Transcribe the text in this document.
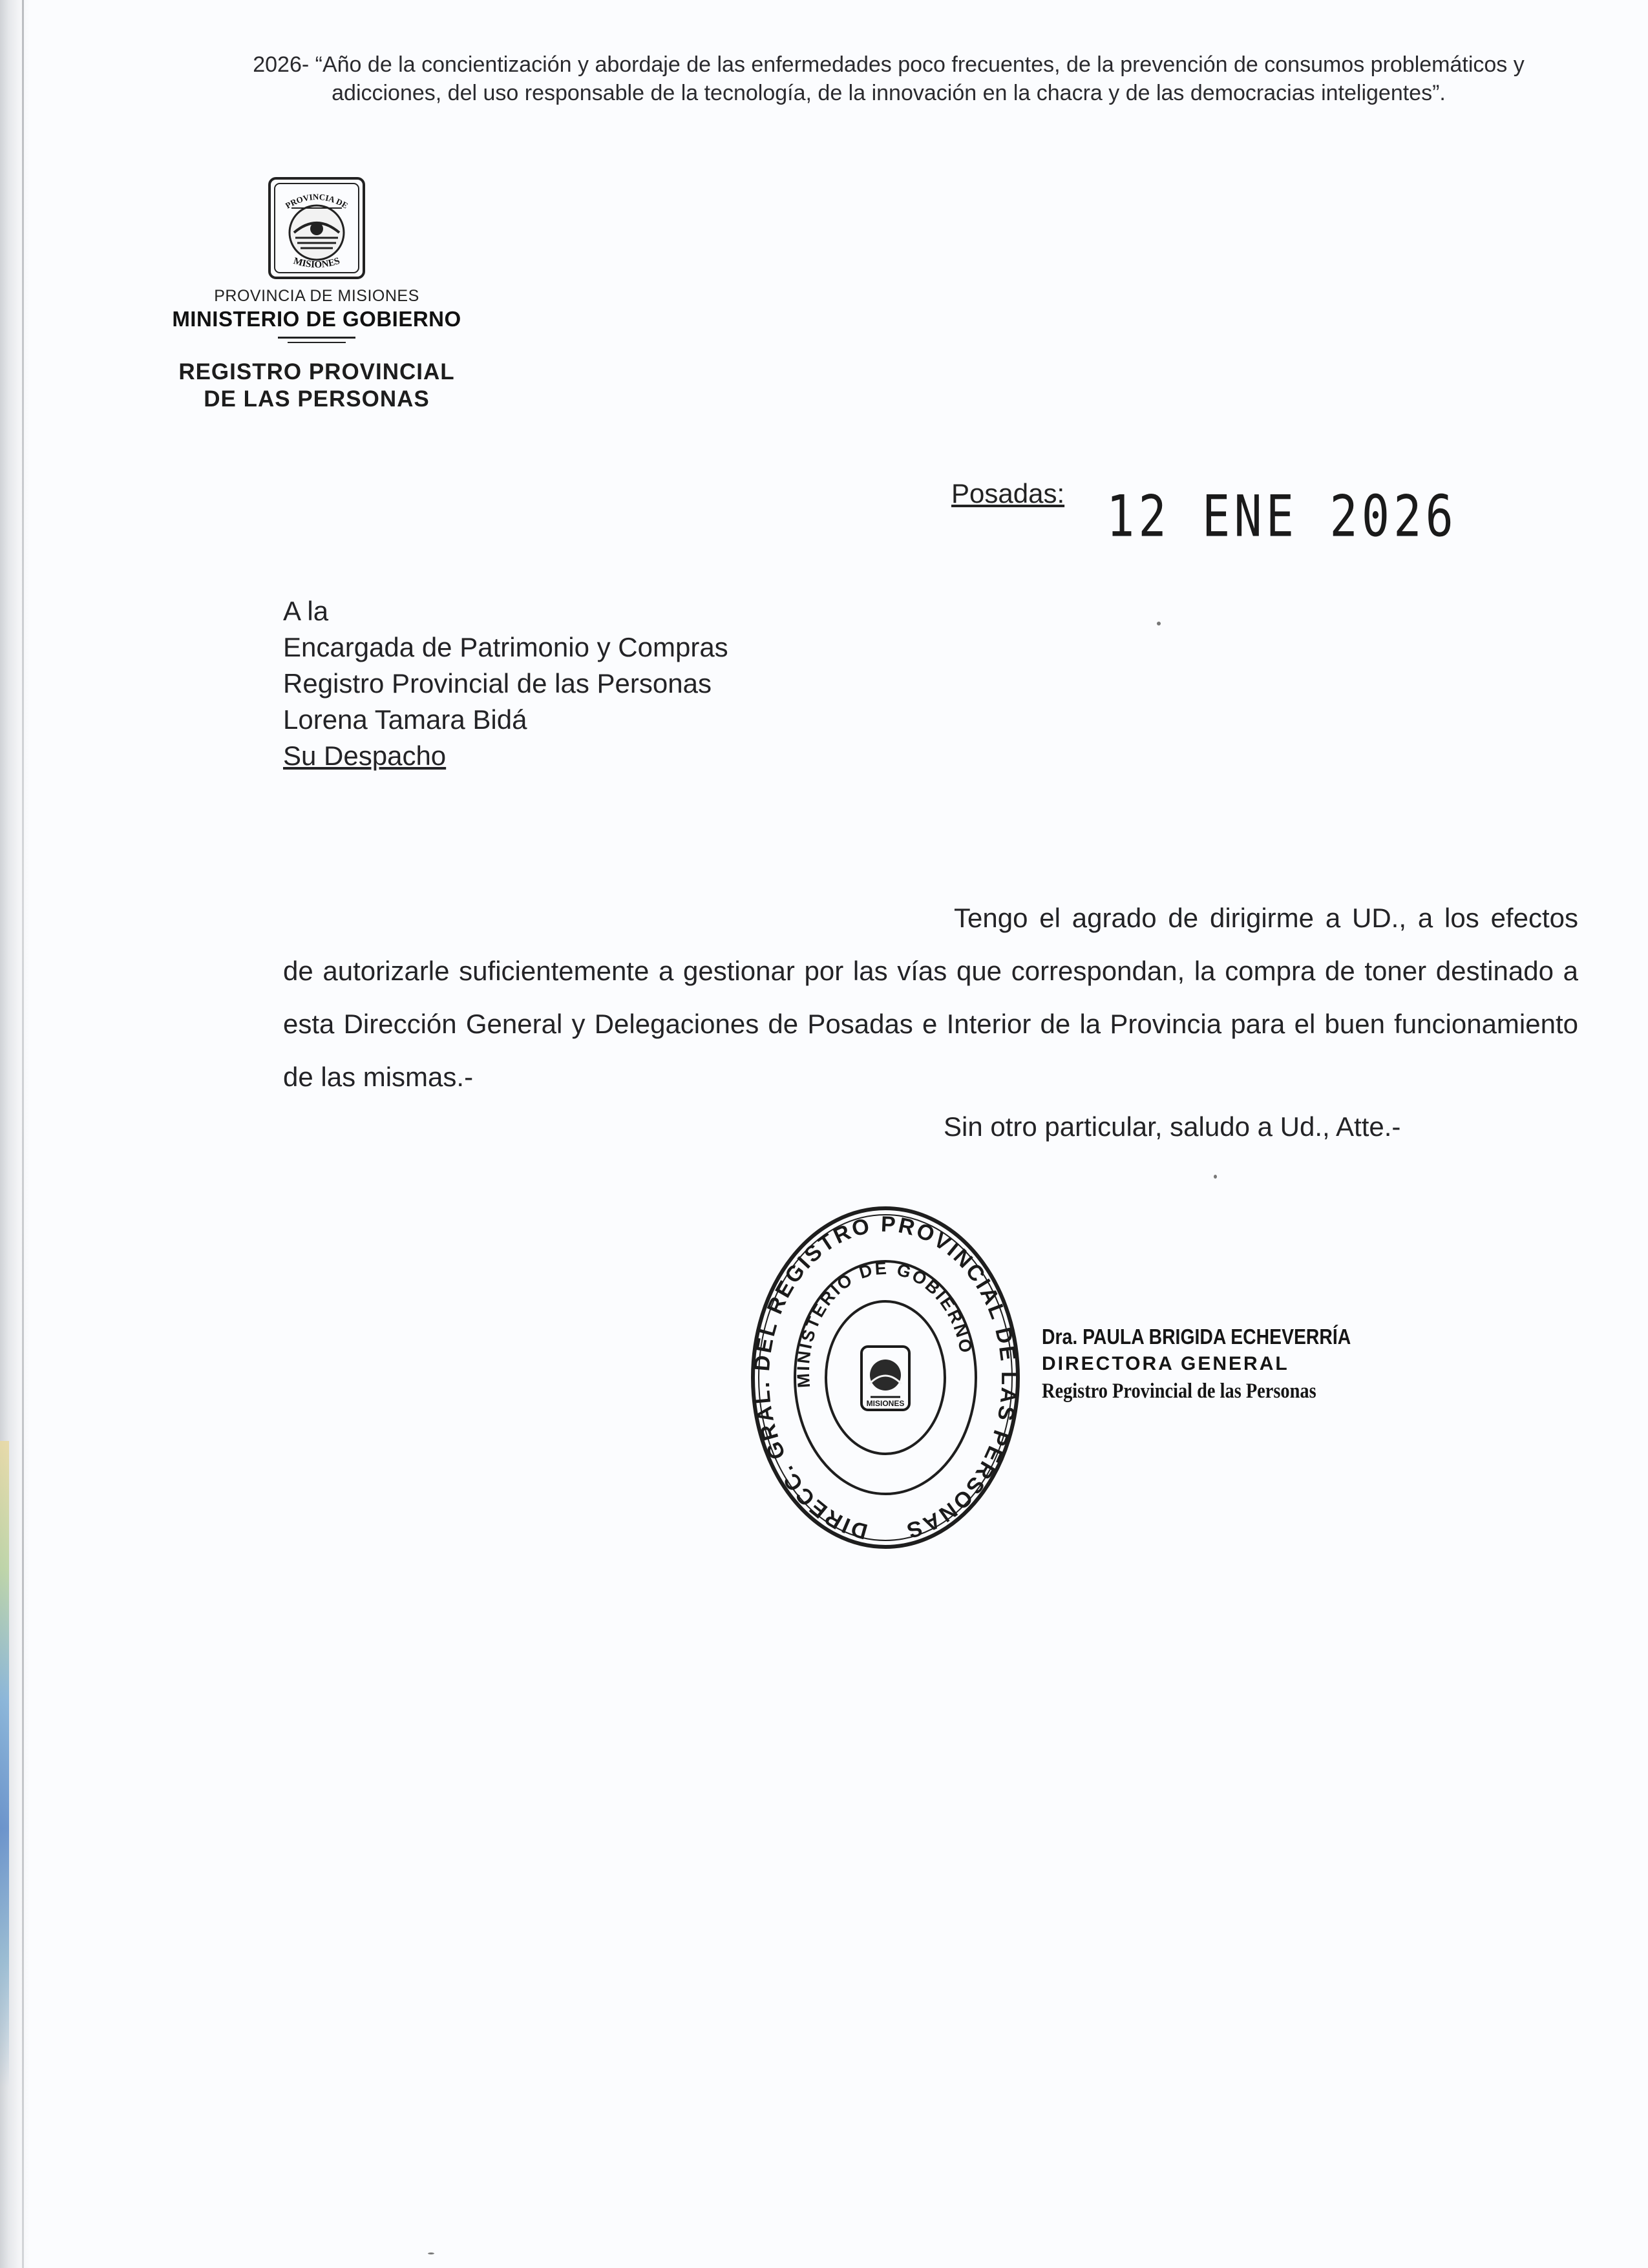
2026- “Año de la concientización y abordaje de las enfermedades poco frecuentes, de la prevención de consumos problemáticos y
adicciones, del uso responsable de la tecnología, de la innovación en la chacra y de las democracias inteligentes”.
PROVINCIA DE
MISIONES
PROVINCIA DE MISIONES
MINISTERIO DE GOBIERNO
REGISTRO PROVINCIAL
DE LAS PERSONAS
Posadas: 12 ENE 2026
A la
Encargada de Patrimonio y Compras
Registro Provincial de las Personas
Lorena Tamara Bidá
Su Despacho
Tengo el agrado de dirigirme a UD., a los efectos de autorizarle suficientemente a gestionar por las vías que correspondan, la compra de toner destinado a esta Dirección General y Delegaciones de Posadas e Interior de la Provincia para el buen funcionamiento de las mismas.-
Sin otro particular, saludo a Ud., Atte.-
DIRECC. GRAL. DEL REGISTRO PROVINCIAL DE LAS PERSONAS
MINISTERIO DE GOBIERNO
MISIONES
Dra. PAULA BRIGIDA ECHEVERRÍA
DIRECTORA GENERAL
Registro Provincial de las Personas
